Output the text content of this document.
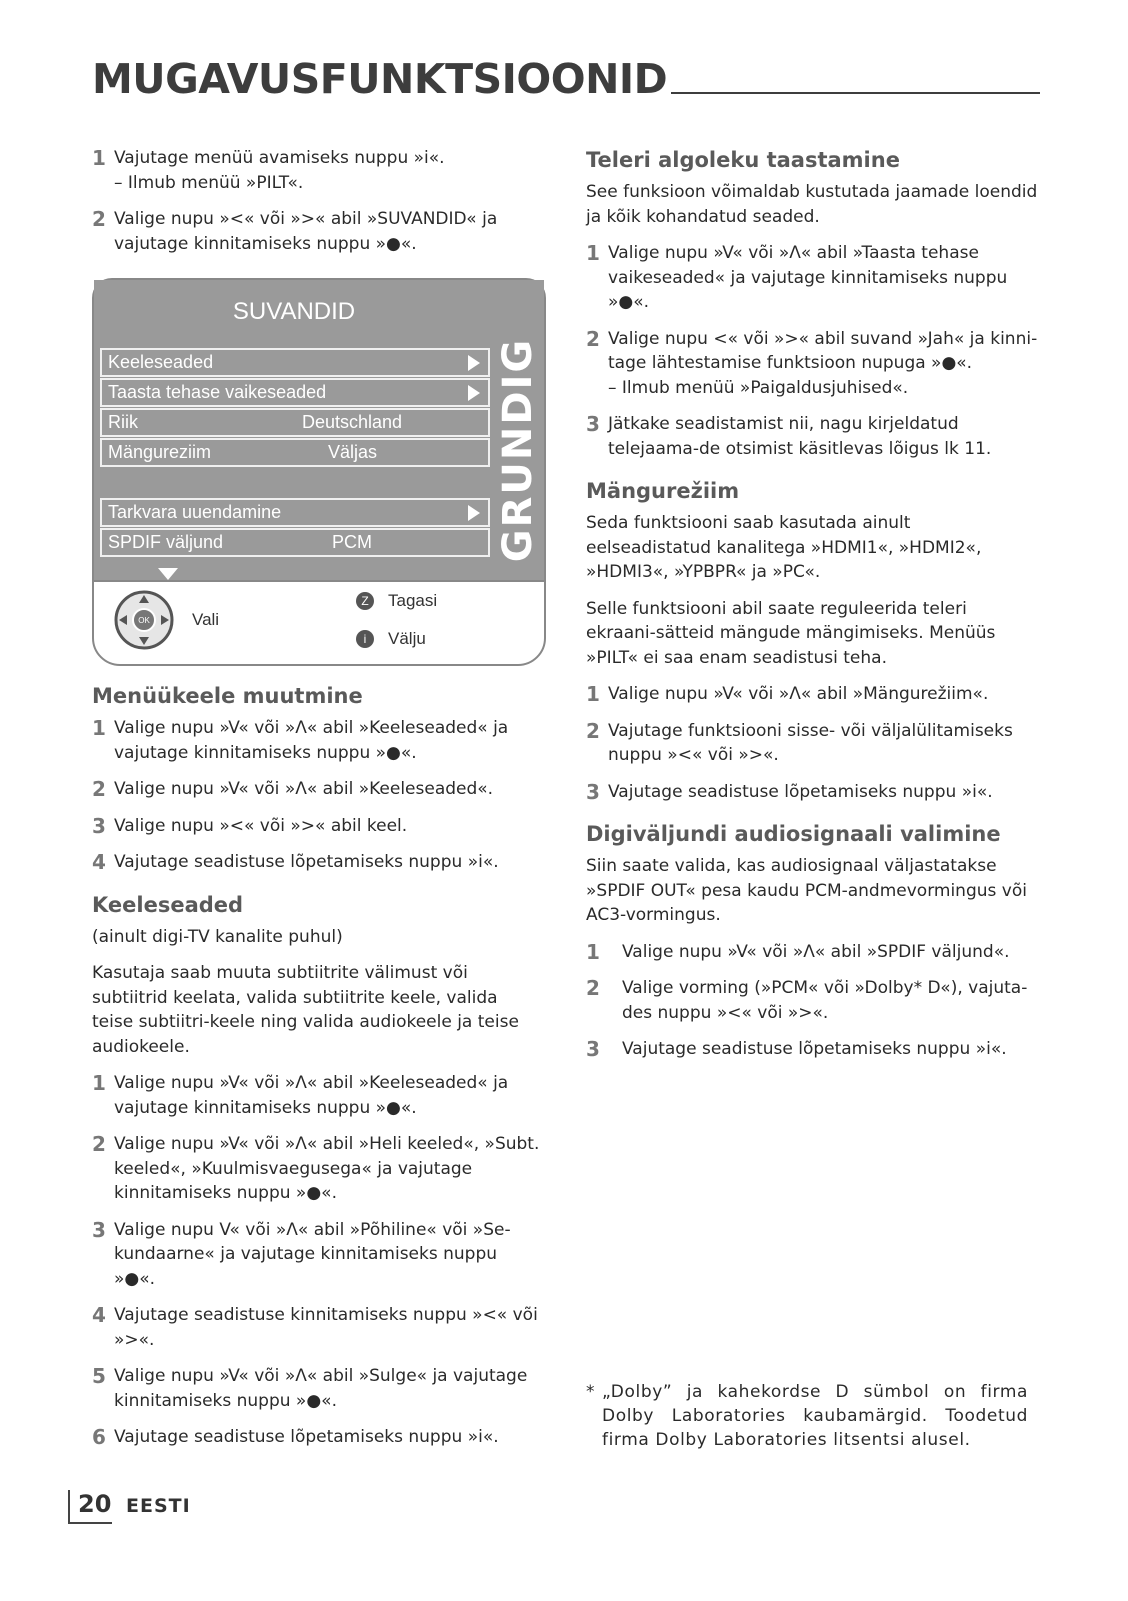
MUGAVUSFUNKTSIOONID
1 Vajutage menüü avamiseks nuppu »i«.
– Ilmub menüü »PILT«.
2 Valige nupu »<« või »>« abil »SUVANDID« ja vajutage kinnitamiseks nuppu »●«.
SUVANDID
Keeleseaded
Taasta tehase vaikeseaded
Riik	Deutschland
Mängureziim	Väljas
Tarkvara uuendamine
SPDIF väljund	PCM	GRUNDIG
OK Vali
Z	Tagasi
i	Välju
Menüükeele muutmine
1 Valige nupu »V« või »Λ« abil »Keeleseaded« ja vajutage kinnitamiseks nuppu »●«.
2 Valige nupu »V« või »Λ« abil »Keeleseaded«.
3 Valige nupu »<« või »>« abil keel.
4 Vajutage seadistuse lõpetamiseks nuppu »i«.
Keeleseaded

(ainult digi-TV kanalite puhul)

Kasutaja saab muuta subtiitrite välimust või subtiitrid keelata, valida subtiitrite keele, valida teise subtiitri-keele ning valida audiokeele ja teise audiokeele.

1 Valige nupu »V« või »Λ« abil »Keeleseaded« ja vajutage kinnitamiseks nuppu »●«.
2 Valige nupu »V« või »Λ« abil »Heli keeled«, »Subt. keeled«, »Kuulmisvaegusega« ja vajutage kinnitamiseks nuppu »●«.
3 Valige nupu V« või »Λ« abil »Põhiline« või »Se-kundaarne« ja vajutage kinnitamiseks nuppu »●«.
4 Vajutage seadistuse kinnitamiseks nuppu »<« või »>«.
5 Valige nupu »V« või »Λ« abil »Sulge« ja vajutage kinnitamiseks nuppu »●«.
6 Vajutage seadistuse lõpetamiseks nuppu »i«.
Teleri algoleku taastamine

See funksioon võimaldab kustutada jaamade loendid ja kõik kohandatud seaded.

1 Valige nupu »V« või »Λ« abil »Taasta tehase vaikeseaded« ja vajutage kinnitamiseks nuppu »●«.
2 Valige nupu <« või »>« abil suvand »Jah« ja kinni-tage lähtestamise funktsioon nupuga »●«.
– Ilmub menüü »Paigaldusjuhised«.
3 Jätkake seadistamist nii, nagu kirjeldatud telejaama-de otsimist käsitlevas lõigus lk 11.
Mängurežiim

Seda funktsiooni saab kasutada ainult eelseadistatud kanalitega »HDMI1«, »HDMI2«, »HDMI3«, »YPBPR« ja »PC«.

Selle funktsiooni abil saate reguleerida teleri ekraani-sätteid mängude mängimiseks. Menüüs »PILT« ei saa enam seadistusi teha.

1 Valige nupu »V« või »Λ« abil »Mängurežiim«.
2 Vajutage funktsiooni sisse- või väljalülitamiseks nuppu »<« või »>«.
3 Vajutage seadistuse lõpetamiseks nuppu »i«.
Digiväljundi audiosignaali valimine

Siin saate valida, kas audiosignaal väljastatakse »SPDIF OUT« pesa kaudu PCM-andmevormingus või AC3-vormingus.

1 Valige nupu »V« või »Λ« abil »SPDIF väljund«.
2 Valige vorming (»PCM« või »Dolby* D«), vajuta-des nuppu »<« või »>«.
3 Vajutage seadistuse lõpetamiseks nuppu »i«.
* „Dolby” ja kahekordse D sümbol on firma Dolby Laboratories kaubamärgid. Toodetud firma Dolby Laboratories litsentsi alusel.
20 EESTI
